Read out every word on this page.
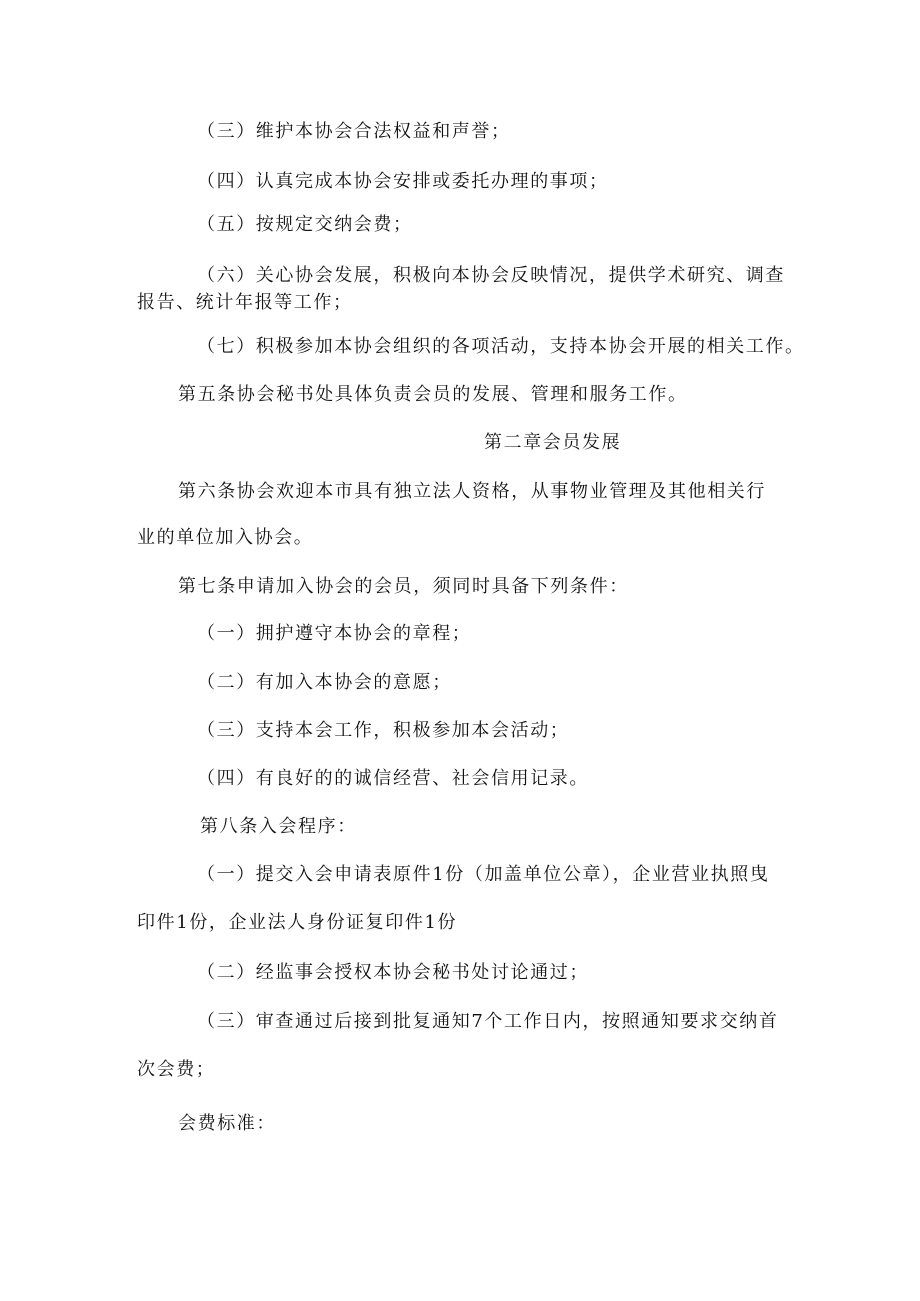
（三）维护本协会合法权益和声誉；

（四）认真完成本协会安排或委托办理的事项；

（五）按规定交纳会费；

（六）关心协会发展，积极向本协会反映情况，提供学术研究、调查

报告、统计年报等工作；

（七）积极参加本协会组织的各项活动，支持本协会开展的相关工作。

第五条协会秘书处具体负责会员的发展、管理和服务工作。

第二章会员发展

第六条协会欢迎本市具有独立法人资格，从事物业管理及其他相关行

业的单位加入协会。

第七条申请加入协会的会员，须同时具备下列条件：

（一）拥护遵守本协会的章程；

（二）有加入本协会的意愿；

（三）支持本会工作，积极参加本会活动；

（四）有良好的的诚信经营、社会信用记录。

第八条入会程序：

（一）提交入会申请表原件1份（加盖单位公章），企业营业执照曳

印件1份，企业法人身份证复印件1份

（二）经监事会授权本协会秘书处讨论通过；

（三）审查通过后接到批复通知7个工作日内，按照通知要求交纳首

次会费；

会费标准：
